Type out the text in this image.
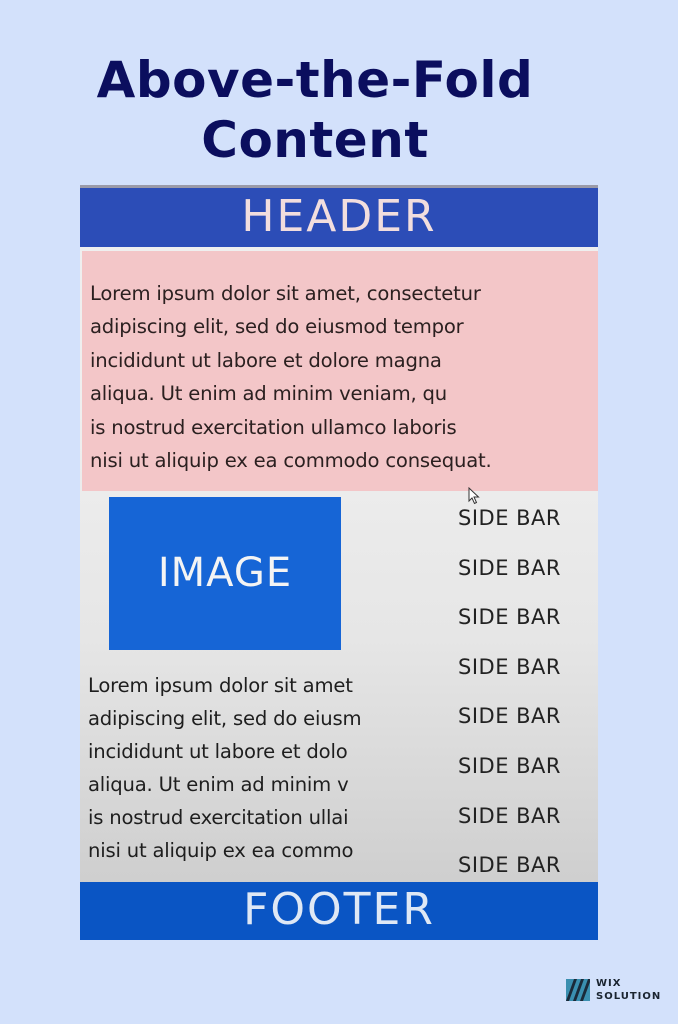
Above-the-Fold
Content
HEADER

Lorem ipsum dolor sit amet, consectetur
adipiscing elit, sed do eiusmod tempor
incididunt ut labore et dolore magna
aliqua. Ut enim ad minim veniam, qu
is nostrud exercitation ullamco laboris
nisi ut aliquip ex ea commodo consequat.

IMAGE

Lorem ipsum dolor sit amet

adipiscing elit, sed do eiusm

incididunt ut labore et dolo

aliqua. Ut enim ad minim v

is nostrud exercitation ullai

nisi ut aliquip ex ea commo

SIDE BAR
SIDE BAR
SIDE BAR
SIDE BAR
SIDE BAR
SIDE BAR
SIDE BAR
SIDE BAR
FOOTER
WIX
SOLUTION
